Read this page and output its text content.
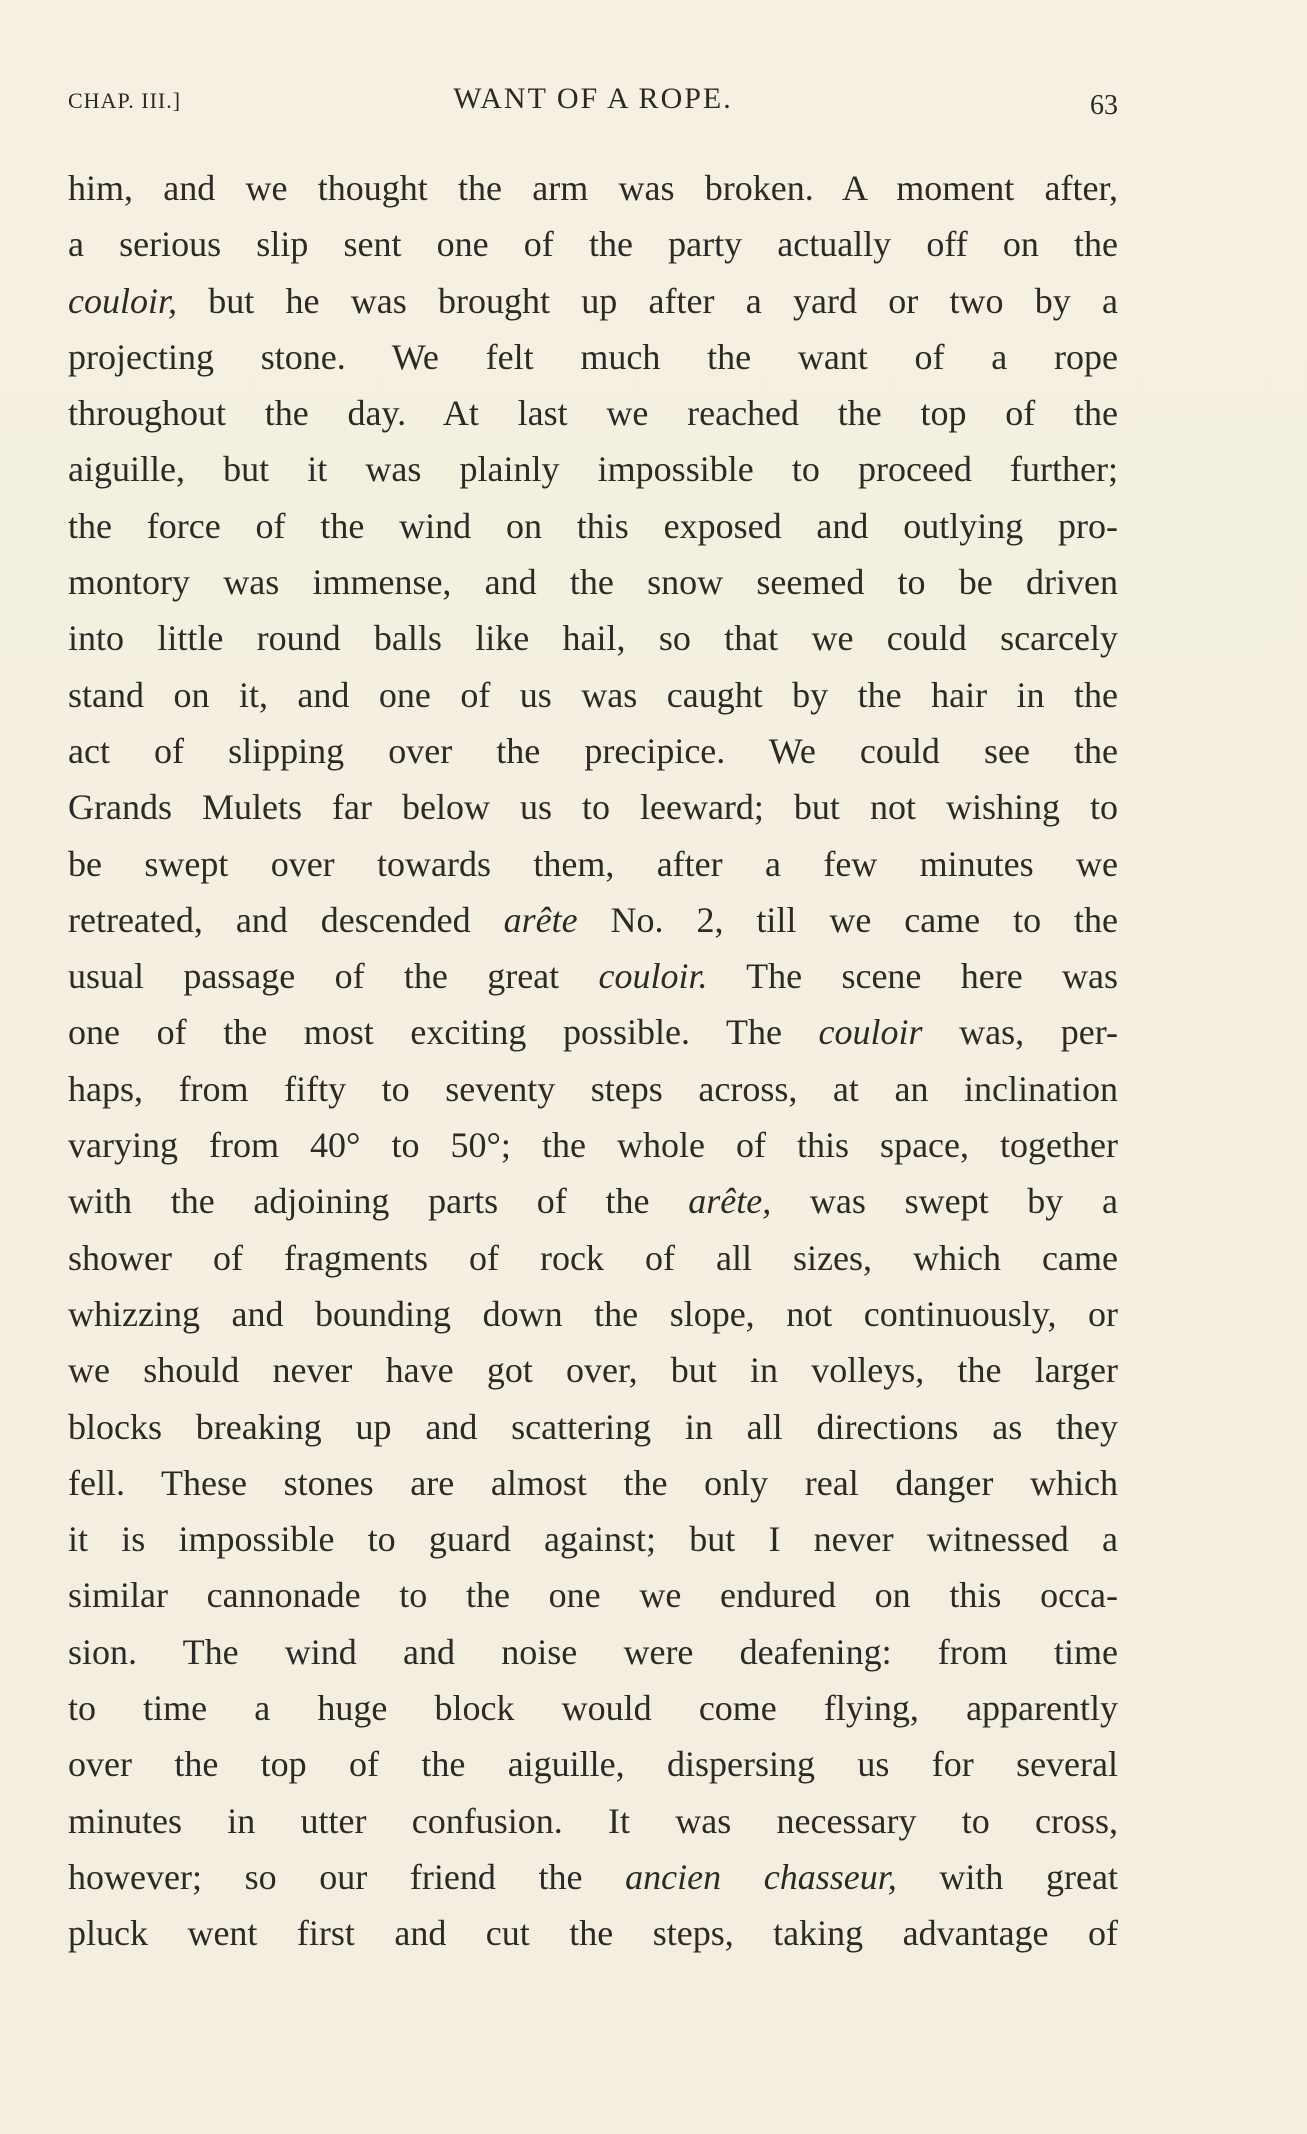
CHAP. III.]	WANT OF A ROPE.	63
him, and we thought the arm was broken. A moment after,
a serious slip sent one of the party actually off on the
couloir, but he was brought up after a yard or two by a
projecting stone. We felt much the want of a rope
throughout the day. At last we reached the top of the
aiguille, but it was plainly impossible to proceed further;
the force of the wind on this exposed and outlying pro-
montory was immense, and the snow seemed to be driven
into little round balls like hail, so that we could scarcely
stand on it, and one of us was caught by the hair in the
act of slipping over the precipice. We could see the
Grands Mulets far below us to leeward; but not wishing to
be swept over towards them, after a few minutes we
retreated, and descended arête No. 2, till we came to the
usual passage of the great couloir. The scene here was
one of the most exciting possible. The couloir was, per-
haps, from fifty to seventy steps across, at an inclination
varying from 40° to 50°; the whole of this space, together
with the adjoining parts of the arête, was swept by a
shower of fragments of rock of all sizes, which came
whizzing and bounding down the slope, not continuously, or
we should never have got over, but in volleys, the larger
blocks breaking up and scattering in all directions as they
fell. These stones are almost the only real danger which
it is impossible to guard against; but I never witnessed a
similar cannonade to the one we endured on this occa-
sion. The wind and noise were deafening: from time
to time a huge block would come flying, apparently
over the top of the aiguille, dispersing us for several
minutes in utter confusion. It was necessary to cross,
however; so our friend the ancien chasseur, with great
pluck went first and cut the steps, taking advantage of
